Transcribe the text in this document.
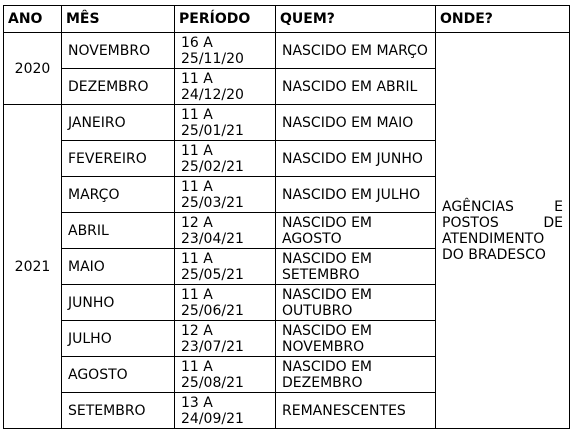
ANO	MÊS	PERÍODO	QUEM?	ONDE?
2020	NOVEMBRO	16 A 25/11/20	NASCIDO EM MARÇO	AGÊNCIAS E POSTOS DE ATENDIMENTO DO BRADESCO

	DEZEMBRO	11 A 24/12/20	NASCIDO EM ABRIL	
2021	JANEIRO	11 A 25/01/21	NASCIDO EM MAIO	
	FEVEREIRO	11 A 25/02/21	NASCIDO EM JUNHO	
	MARÇO	11 A 25/03/21	NASCIDO EM JULHO	
	ABRIL	12 A 23/04/21	NASCIDO EM AGOSTO	
	MAIO	11 A 25/05/21	NASCIDO EM SETEMBRO	
	JUNHO	11 A 25/06/21	NASCIDO EM OUTUBRO	
	JULHO	12 A 23/07/21	NASCIDO EM NOVEMBRO	
	AGOSTO	11 A 25/08/21	NASCIDO EM DEZEMBRO	
	SETEMBRO	13 A 24/09/21	REMANESCENTES	
